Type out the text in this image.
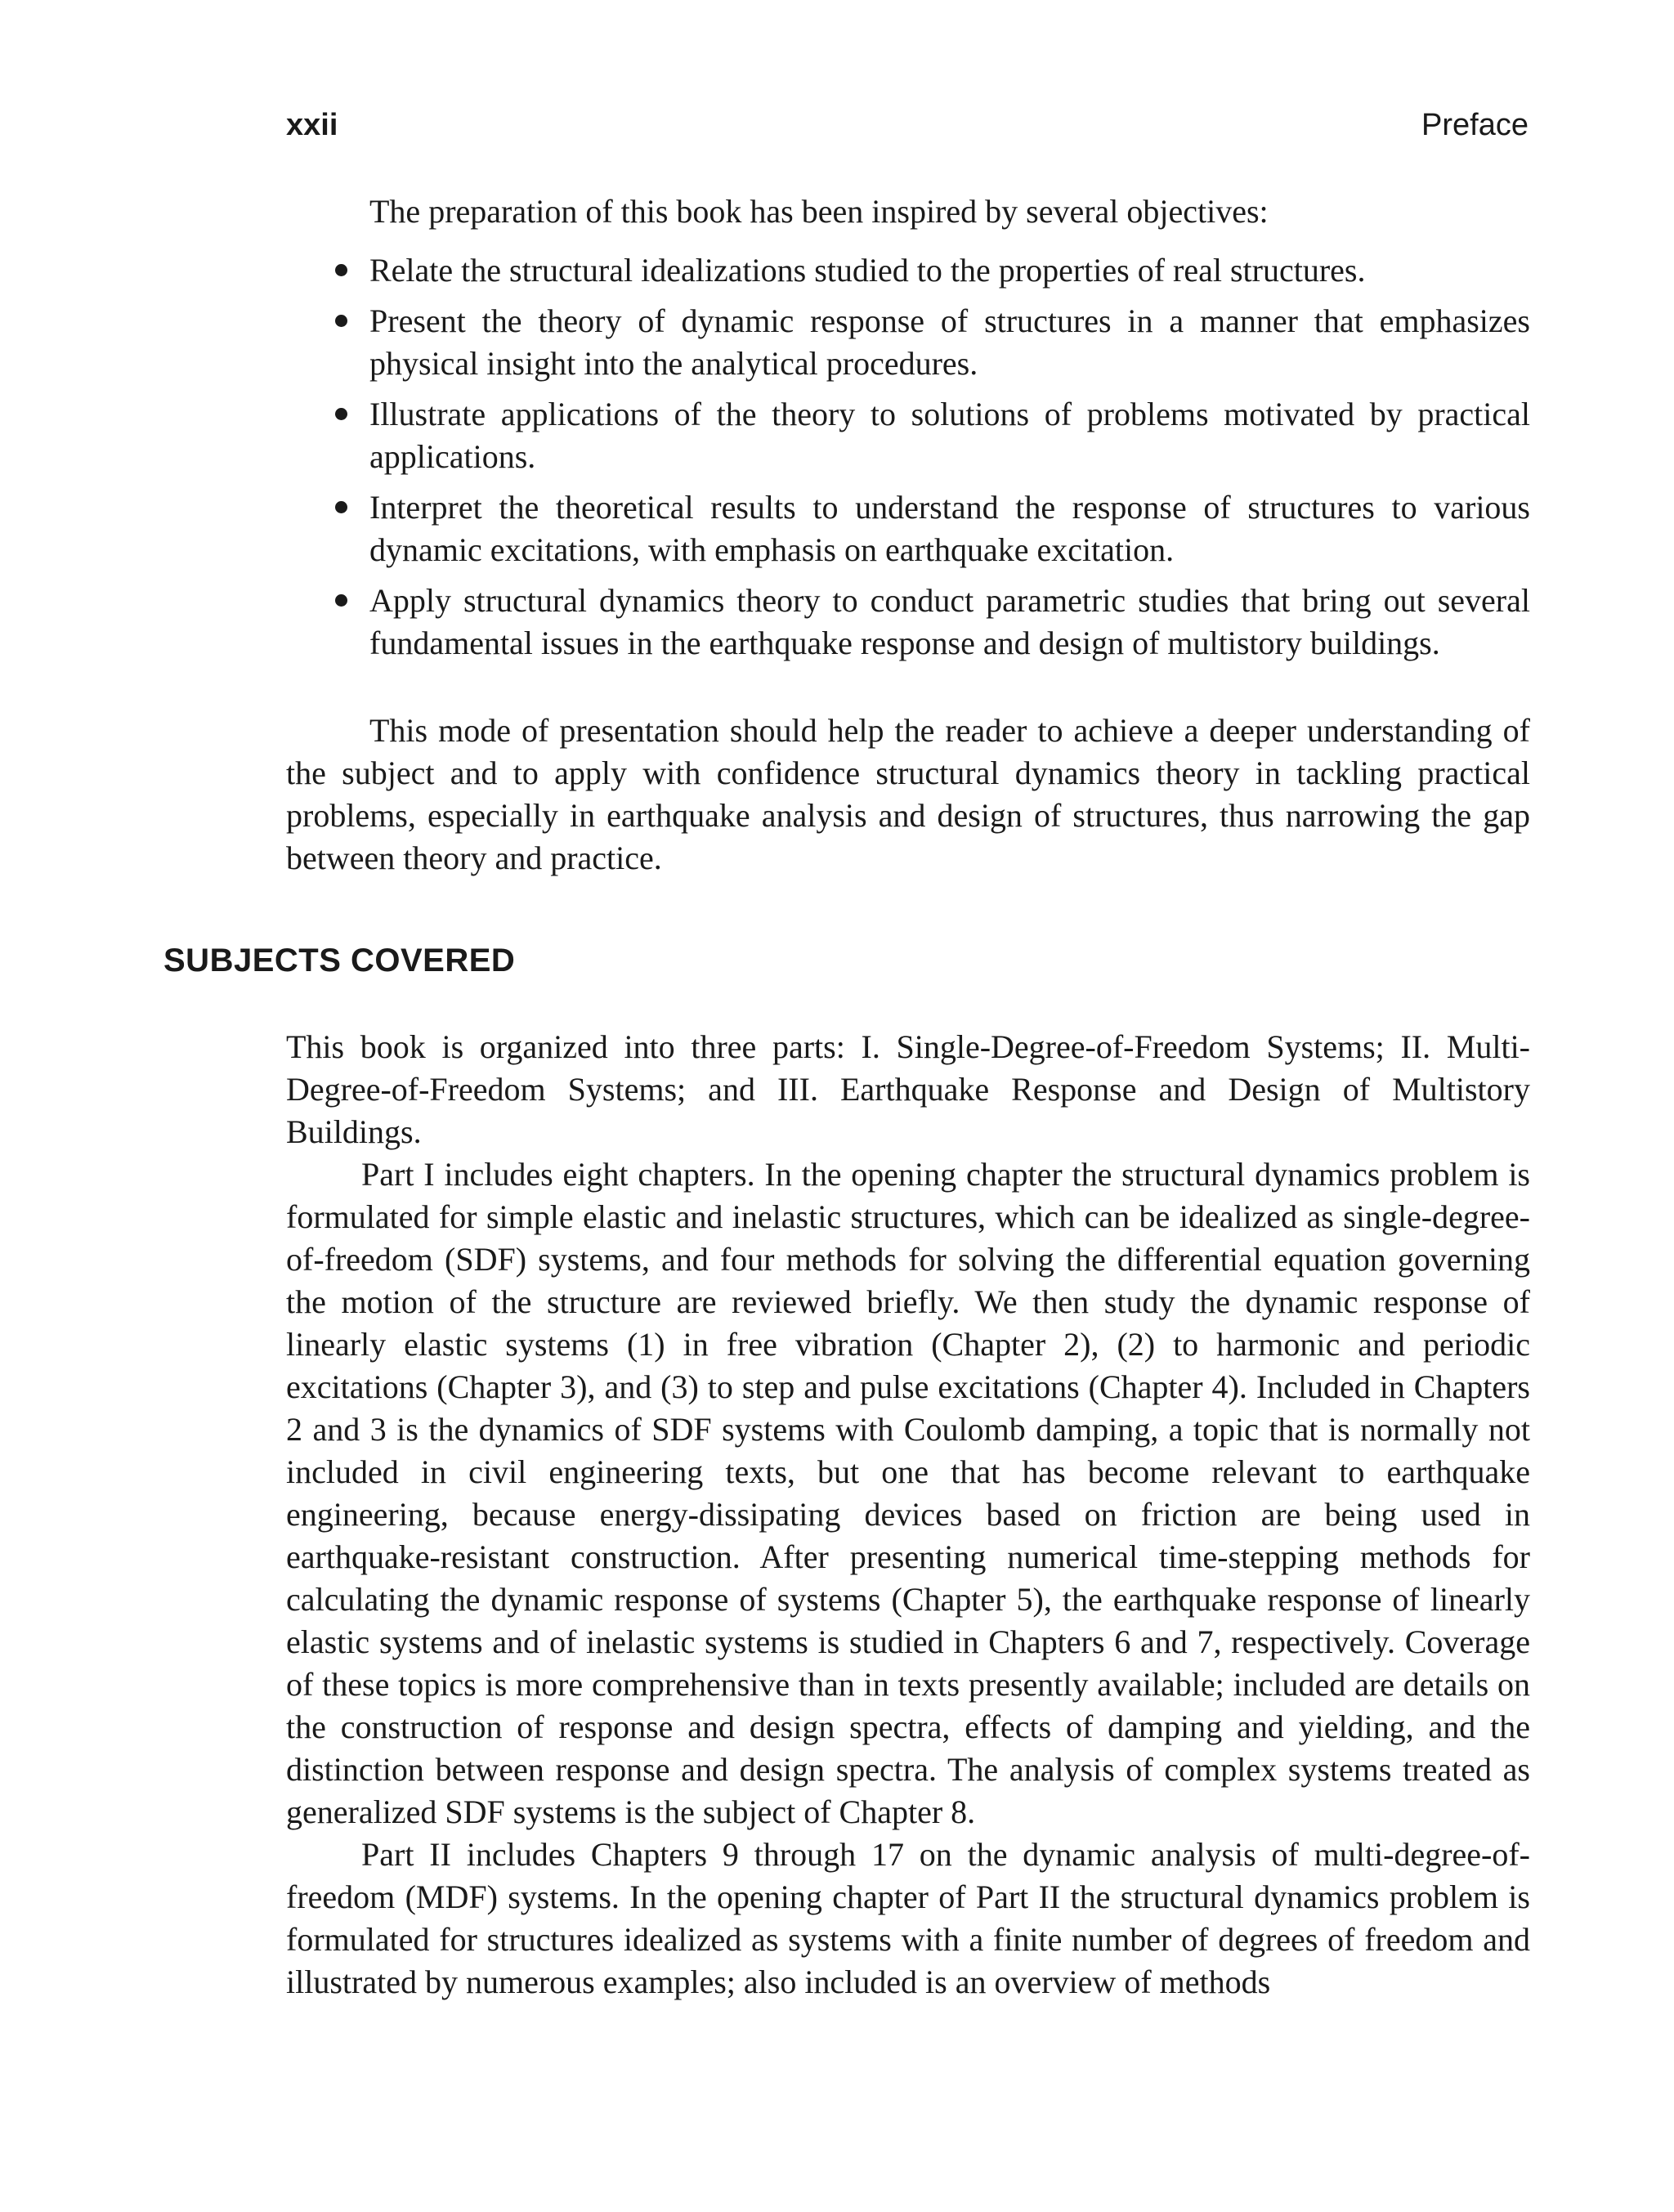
xxii	Preface

The preparation of this book has been inspired by several objectives:

Relate the structural idealizations studied to the properties of real structures.
Present the theory of dynamic response of structures in a manner that emphasizes physical insight into the analytical procedures.
Illustrate applications of the theory to solutions of problems motivated by practical applications.
Interpret the theoretical results to understand the response of structures to various dynamic excitations, with emphasis on earthquake excitation.
Apply structural dynamics theory to conduct parametric studies that bring out several fundamental issues in the earthquake response and design of multistory buildings.

This mode of presentation should help the reader to achieve a deeper understanding of the subject and to apply with confidence structural dynamics theory in tackling practical problems, especially in earthquake analysis and design of structures, thus narrowing the gap between theory and practice.

SUBJECTS COVERED

This book is organized into three parts: I. Single-Degree-of-Freedom Systems; II. Multi-Degree-of-Freedom Systems; and III. Earthquake Response and Design of Multistory Buildings.

Part I includes eight chapters. In the opening chapter the structural dynamics problem is formulated for simple elastic and inelastic structures, which can be idealized as single-degree-of-freedom (SDF) systems, and four methods for solving the differential equation governing the motion of the structure are reviewed briefly. We then study the dynamic response of linearly elastic systems (1) in free vibration (Chapter 2), (2) to harmonic and periodic excitations (Chapter 3), and (3) to step and pulse excitations (Chapter 4). Included in Chapters 2 and 3 is the dynamics of SDF systems with Coulomb damping, a topic that is normally not included in civil engineering texts, but one that has become relevant to earthquake engineering, because energy-dissipating devices based on friction are being used in earthquake-resistant construction. After presenting numerical time-stepping methods for calculating the dynamic response of systems (Chapter 5), the earthquake response of linearly elastic systems and of inelastic systems is studied in Chapters 6 and 7, respectively. Coverage of these topics is more comprehensive than in texts presently available; included are details on the construction of response and design spectra, effects of damping and yielding, and the distinction between response and design spectra. The analysis of complex systems treated as generalized SDF systems is the subject of Chapter 8.

Part II includes Chapters 9 through 17 on the dynamic analysis of multi-degree-of-freedom (MDF) systems. In the opening chapter of Part II the structural dynamics problem is formulated for structures idealized as systems with a finite number of degrees of freedom and illustrated by numerous examples; also included is an overview of methods
